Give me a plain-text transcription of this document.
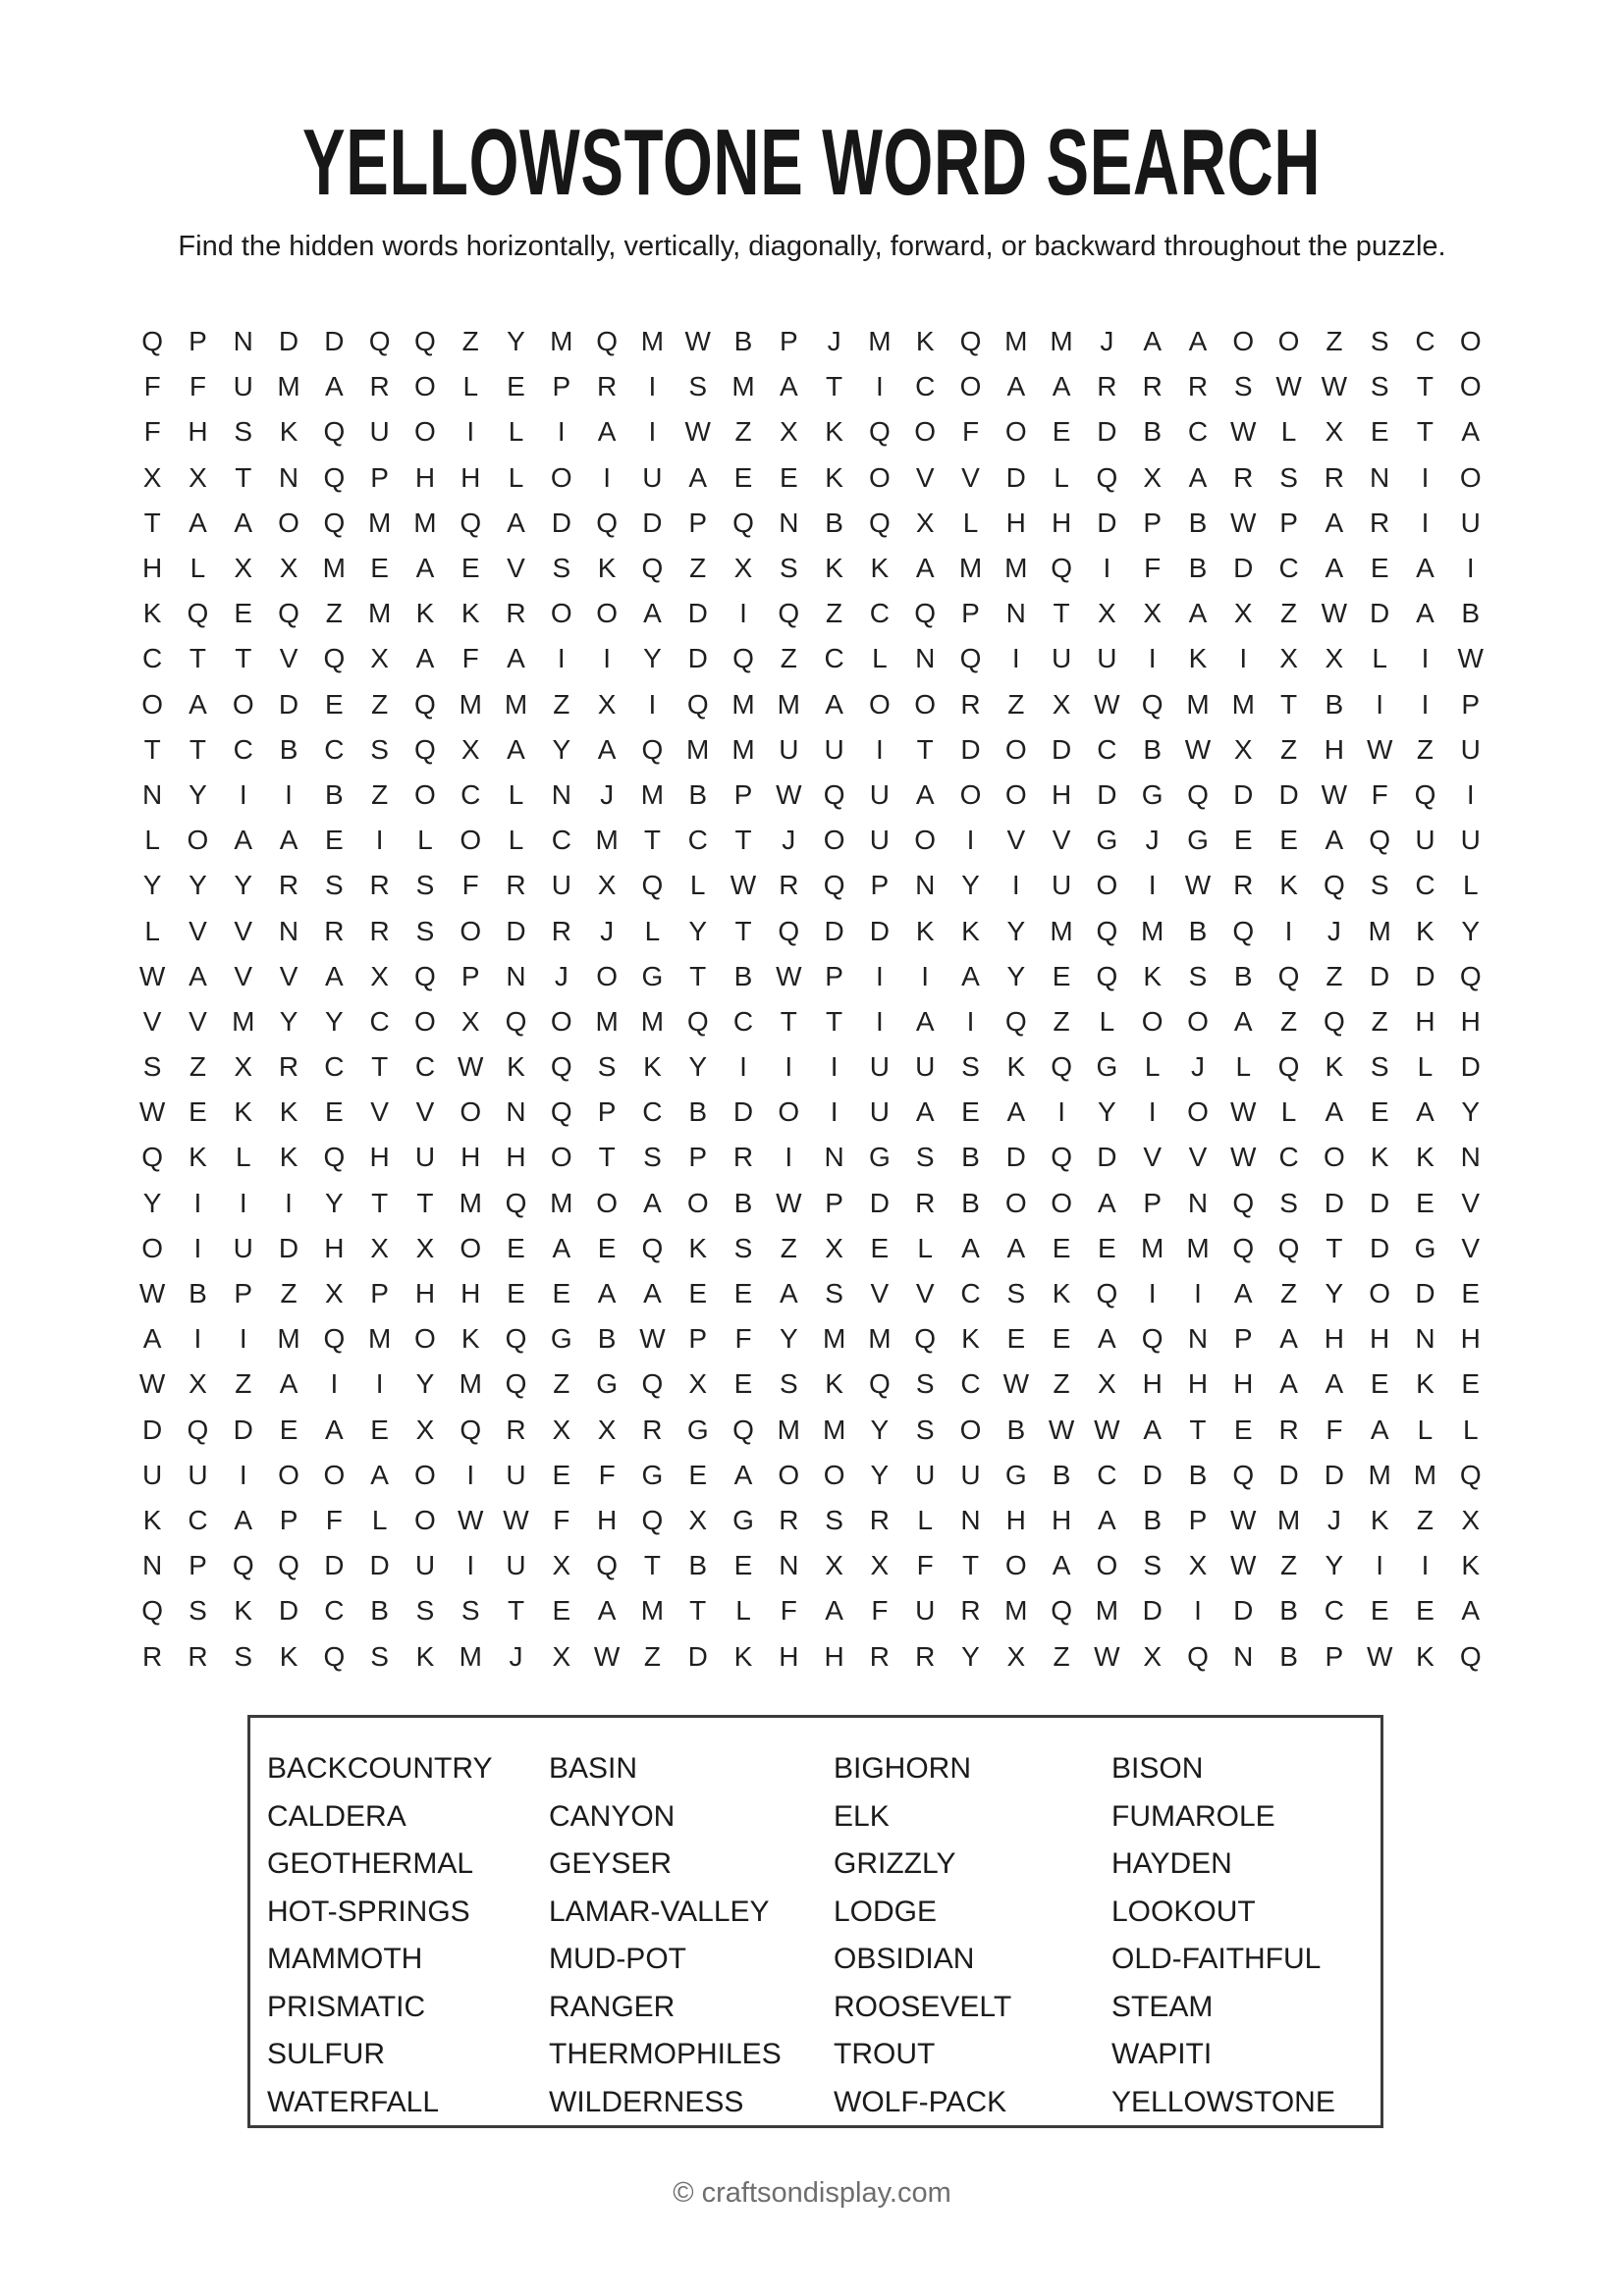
YELLOWSTONE WORD SEARCH
Find the hidden words horizontally, vertically, diagonally, forward, or backward throughout the puzzle.
Q P N D D Q Q Z	Y M Q M W B P	J M K Q M M J	A A O O Z	S C O
F	F U M A R O L	E P R	I	S M A	T	I	C O A A R R R S W W S	T O
F H S K Q U O	I	L	I	A	I	W Z	X K Q O F O E D B C W L	X E	T	A
X X	T N Q P H H	L O	I	U A E E K O V V D	L Q X A R S R N	I	O
T	A A O Q M M Q A D Q D P Q N B Q X	L	H H D P B W P A R	I	U
H	L	X X M E A E V S K Q Z	X S K K A M M Q	I	F	B D C A E A	I
K Q E Q Z M K K R O O A D	I	Q Z C Q P N T	X X A X	Z W D A B
C T	T	V Q X A	F	A	I	I	Y D Q Z C	L	N Q	I	U U	I	K	I	X X	L	I	W
O A O D E	Z Q M M Z	X	I	Q M M A O O R Z	X W Q M M T	B	I	I	P
T	T C B C S Q X A Y A Q M M U U	I	T D O D C B W X	Z H W Z U
N Y	I	I	B	Z O C	L	N	J M B P W Q U A O O H D G Q D D W F Q	I
L O A A E	I	L O L	C M T C T	J	O U O	I	V V G	J	G E E A Q U U
Y Y Y R S R S	F R U X Q L W R Q P N Y	I	U O	I	W R K Q S C	L
L	V V N R R S O D R	J	L	Y	T Q D D K K Y M Q M B Q	I	J M K Y
W A V V A X Q P N	J	O G T	B W P	I	I	A Y E Q K S B Q Z D D Q
V V M Y Y C O X Q O M M Q C T	T	I	A	I	Q Z	L O O A	Z Q Z H H
S	Z	X R C T C W K Q S K Y	I	I	I	U U S K Q G L	J	L Q K S	L	D
W E K K E V V O N Q P C B D O	I	U A E A	I	Y	I	O W L	A E A Y
Q K	L	K Q H U H H O T	S P R	I	N G S B D Q D V V W C O K K N
Y	I	I	I	Y	T	T M Q M O A O B W P D R B O O A P N Q S D D E V
O	I	U D H X X O E A E Q K S	Z	X E	L	A A E E M M Q Q T D G V
W B P	Z	X P H H E E A A E E A S V V C S K Q	I	I	A	Z	Y O D E
A	I	I	M Q M O K Q G B W P	F	Y M M Q K E E A Q N P A H H N H
W X	Z	A	I	I	Y M Q Z G Q X E S K Q S C W Z	X H H H A A E K E
D Q D E A E X Q R X X R G Q M M Y S O B W W A	T	E R F	A	L	L
U U	I	O O A O	I	U E	F G E A O O Y U U G B C D B Q D D M M Q
K C A P	F	L O W W F H Q X G R S R	L	N H H A B P W M J	K	Z	X
N P Q Q D D U	I	U X Q T	B E N X X	F	T O A O S X W Z	Y	I	I	K
Q S K D C B S S	T	E A M T	L	F	A	F U R M Q M D	I	D B C E E A
R R S K Q S K M J	X W Z D K H H R R Y X	Z W X Q N B P W K Q
BACKCOUNTRY
CALDERA
GEOTHERMAL
HOT-SPRINGS
MAMMOTH
PRISMATIC
SULFUR
WATERFALL
BASIN
CANYON
GEYSER
LAMAR-VALLEY
MUD-POT
RANGER
THERMOPHILES
WILDERNESS
BIGHORN
ELK
GRIZZLY
LODGE
OBSIDIAN
ROOSEVELT
TROUT
WOLF-PACK
BISON
FUMAROLE
HAYDEN
LOOKOUT
OLD-FAITHFUL
STEAM
WAPITI
YELLOWSTONE
© craftsondisplay.com
